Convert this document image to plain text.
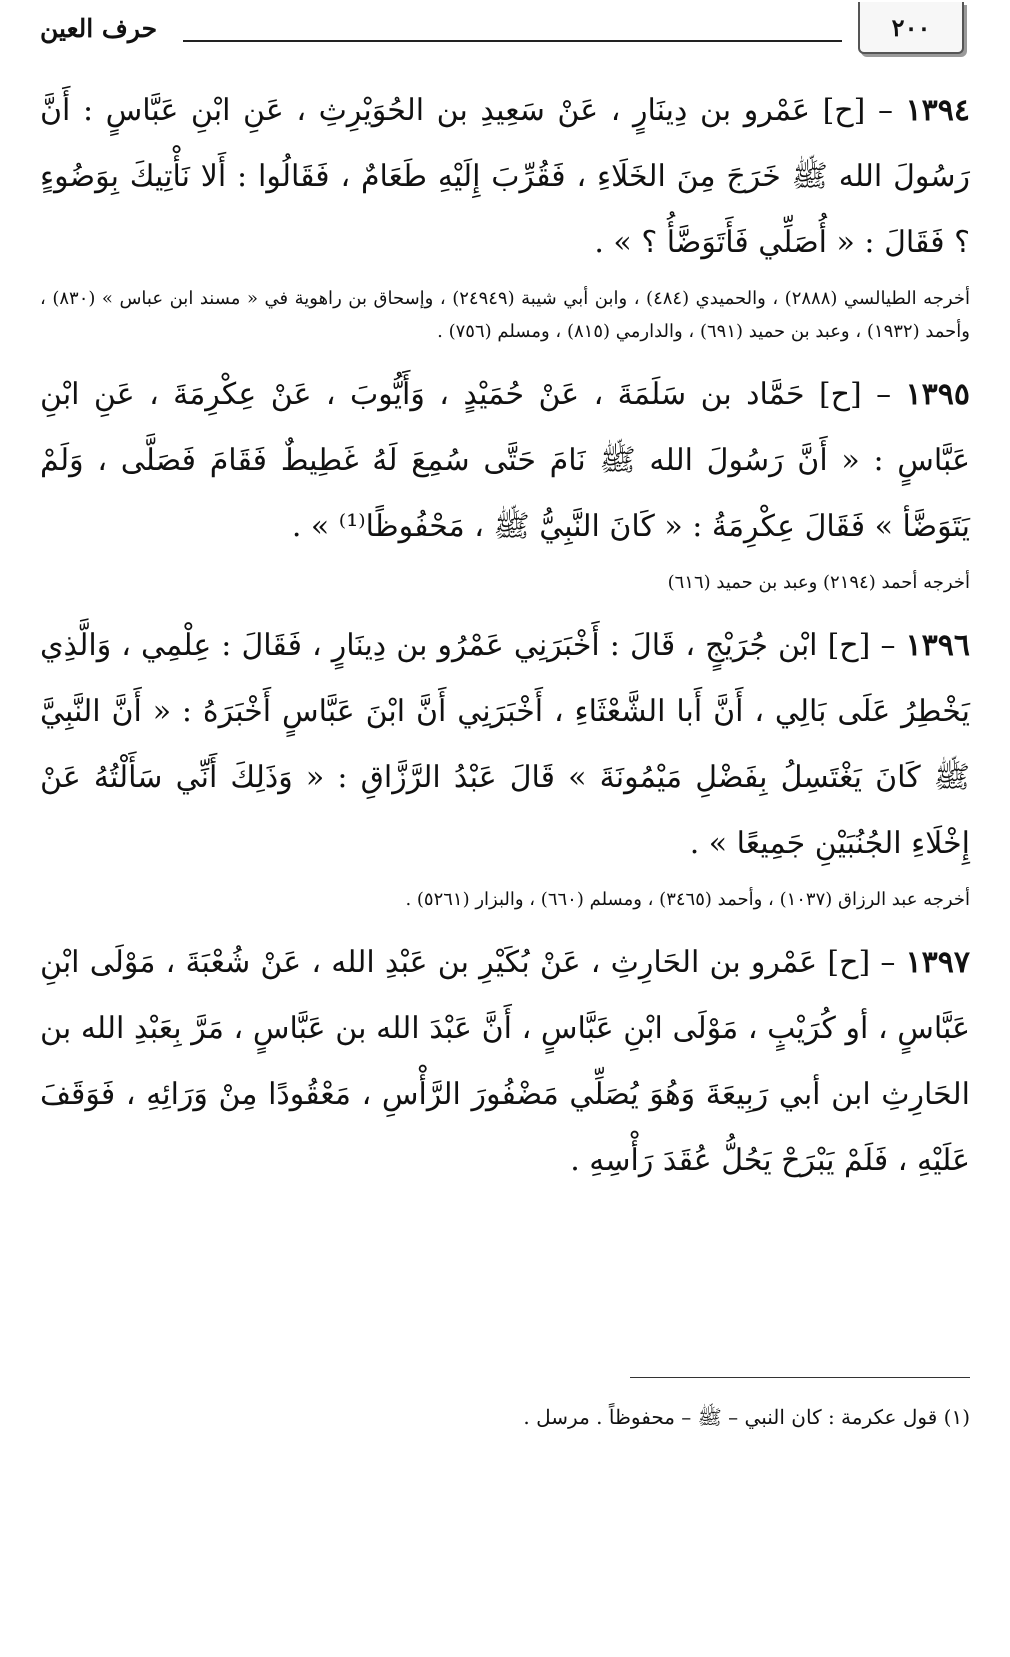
٢٠٠
حرف العين

١٣٩٤ – [ح] عَمْرو بن دِينَارٍ ، عَنْ سَعِيدِ بن الحُوَيْرِثِ ، عَنِ ابْنِ عَبَّاسٍ : أَنَّ رَسُولَ الله ﷺ خَرَجَ مِنَ الخَلَاءِ ، فَقُرِّبَ إِلَيْهِ طَعَامٌ ، فَقَالُوا : أَلا نَأْتِيكَ بِوَضُوءٍ ؟ فَقَالَ : « أُصَلِّي فَأَتَوَضَّأُ ؟ » .

أخرجه الطيالسي (٢٨٨٨) ، والحميدي (٤٨٤) ، وابن أبي شيبة (٢٤٩٤٩) ، وإسحاق بن راهوية في « مسند ابن عباس » (٨٣٠) ، وأحمد (١٩٣٢) ، وعبد بن حميد (٦٩١) ، والدارمي (٨١٥) ، ومسلم (٧٥٦) .

١٣٩٥ – [ح] حَمَّاد بن سَلَمَةَ ، عَنْ حُمَيْدٍ ، وَأَيُّوبَ ، عَنْ عِكْرِمَةَ ، عَنِ ابْنِ عَبَّاسٍ : « أَنَّ رَسُولَ الله ﷺ نَامَ حَتَّى سُمِعَ لَهُ غَطِيطٌ فَقَامَ فَصَلَّى ، وَلَمْ يَتَوَضَّأ » فَقَالَ عِكْرِمَةُ : « كَانَ النَّبِيُّ ﷺ ، مَحْفُوظًا⁽¹⁾ » .

أخرجه أحمد (٢١٩٤) وعبد بن حميد (٦١٦)

١٣٩٦ – [ح] ابْن جُرَيْجٍ ، قَالَ : أَخْبَرَنِي عَمْرُو بن دِينَارٍ ، فَقَالَ : عِلْمِي ، وَالَّذِي يَخْطِرُ عَلَى بَالِي ، أَنَّ أَبا الشَّعْثَاءِ ، أَخْبَرَنِي أَنَّ ابْنَ عَبَّاسٍ أَخْبَرَهُ : « أَنَّ النَّبِيَّ ﷺ كَانَ يَغْتَسِلُ بِفَضْلِ مَيْمُونَةَ » قَالَ عَبْدُ الرَّزَّاقِ : « وَذَلِكَ أَنِّي سَأَلْتُهُ عَنْ إِخْلَاءِ الجُنُبَيْنِ جَمِيعًا » .

أخرجه عبد الرزاق (١٠٣٧) ، وأحمد (٣٤٦٥) ، ومسلم (٦٦٠) ، والبزار (٥٢٦١) .

١٣٩٧ – [ح] عَمْرو بن الحَارِثِ ، عَنْ بُكَيْرِ بن عَبْدِ الله ، عَنْ شُعْبَةَ ، مَوْلَى ابْنِ عَبَّاسٍ ، أو كُرَيْبٍ ، مَوْلَى ابْنِ عَبَّاسٍ ، أَنَّ عَبْدَ الله بن عَبَّاسٍ ، مَرَّ بِعَبْدِ الله بن الحَارِثِ ابن أبي رَبِيعَةَ وَهُوَ يُصَلِّي مَضْفُورَ الرَّأْسِ ، مَعْقُودًا مِنْ وَرَائِهِ ، فَوَقَفَ عَلَيْهِ ، فَلَمْ يَبْرَحْ يَحُلُّ عُقَدَ رَأْسِهِ .

(١) قول عكرمة : كان النبي – ﷺ – محفوظاً . مرسل .
